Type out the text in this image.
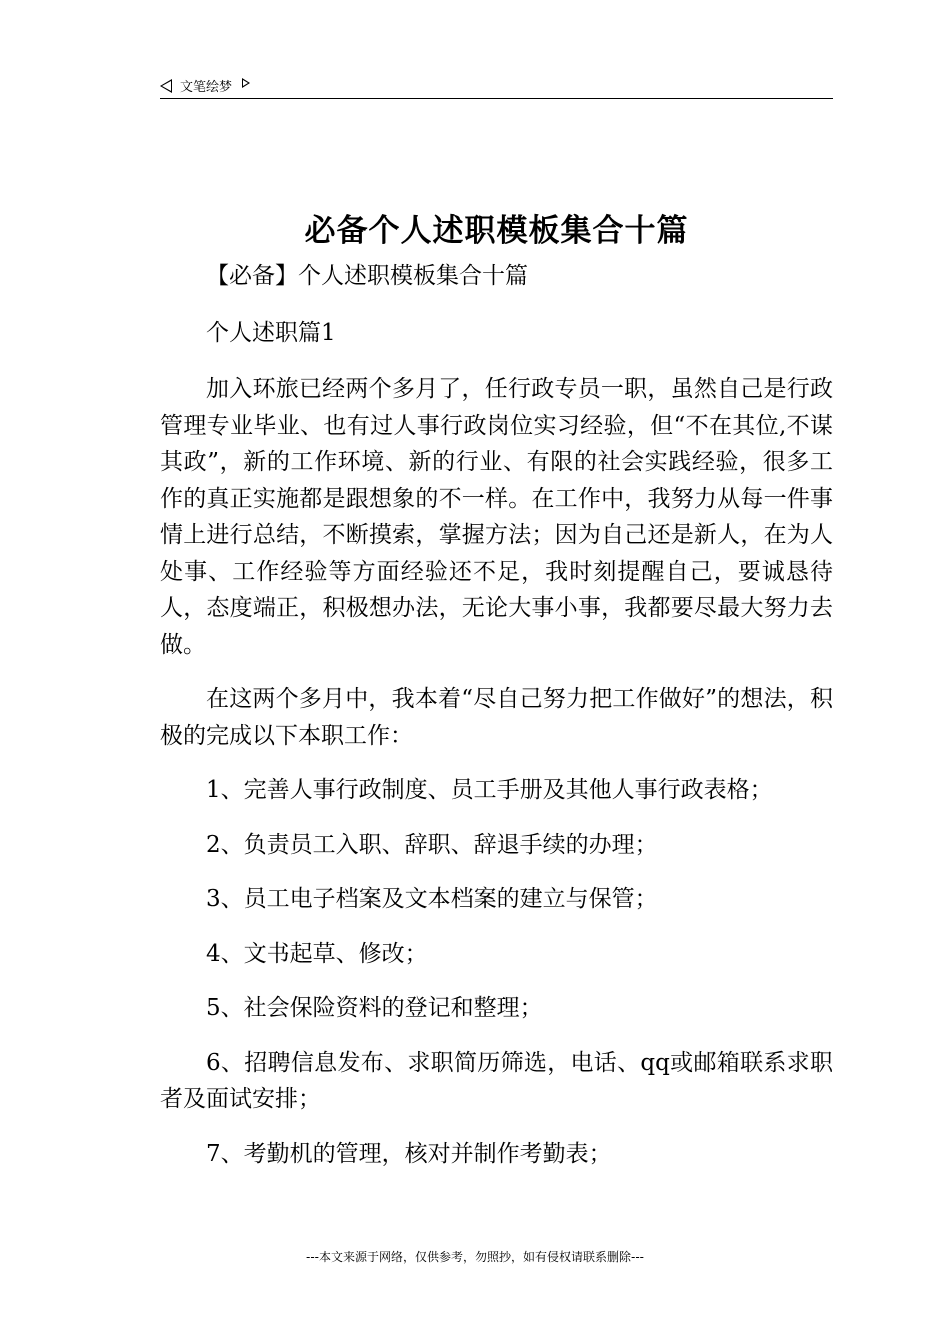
文笔绘梦
必备个人述职模板集合十篇

【必备】个人述职模板集合十篇

个人述职篇1

加入环旅已经两个多月了，任行政专员一职，虽然自己是行政管理专业毕业、也有过人事行政岗位实习经验，但“不在其位,不谋其政”，新的工作环境、新的行业、有限的社会实践经验，很多工作的真正实施都是跟想象的不一样。在工作中，我努力从每一件事情上进行总结，不断摸索，掌握方法；因为自己还是新人，在为人处事、工作经验等方面经验还不足，我时刻提醒自己，要诚恳待人，态度端正，积极想办法，无论大事小事，我都要尽最大努力去做。

在这两个多月中，我本着“尽自己努力把工作做好”的想法，积极的完成以下本职工作：

1、完善人事行政制度、员工手册及其他人事行政表格；

2、负责员工入职、辞职、辞退手续的办理；

3、员工电子档案及文本档案的建立与保管；

4、文书起草、修改；

5、社会保险资料的登记和整理；

6、招聘信息发布、求职简历筛选，电话、qq或邮箱联系求职者及面试安排；

7、考勤机的管理，核对并制作考勤表；

---本文来源于网络，仅供参考，勿照抄，如有侵权请联系删除---
